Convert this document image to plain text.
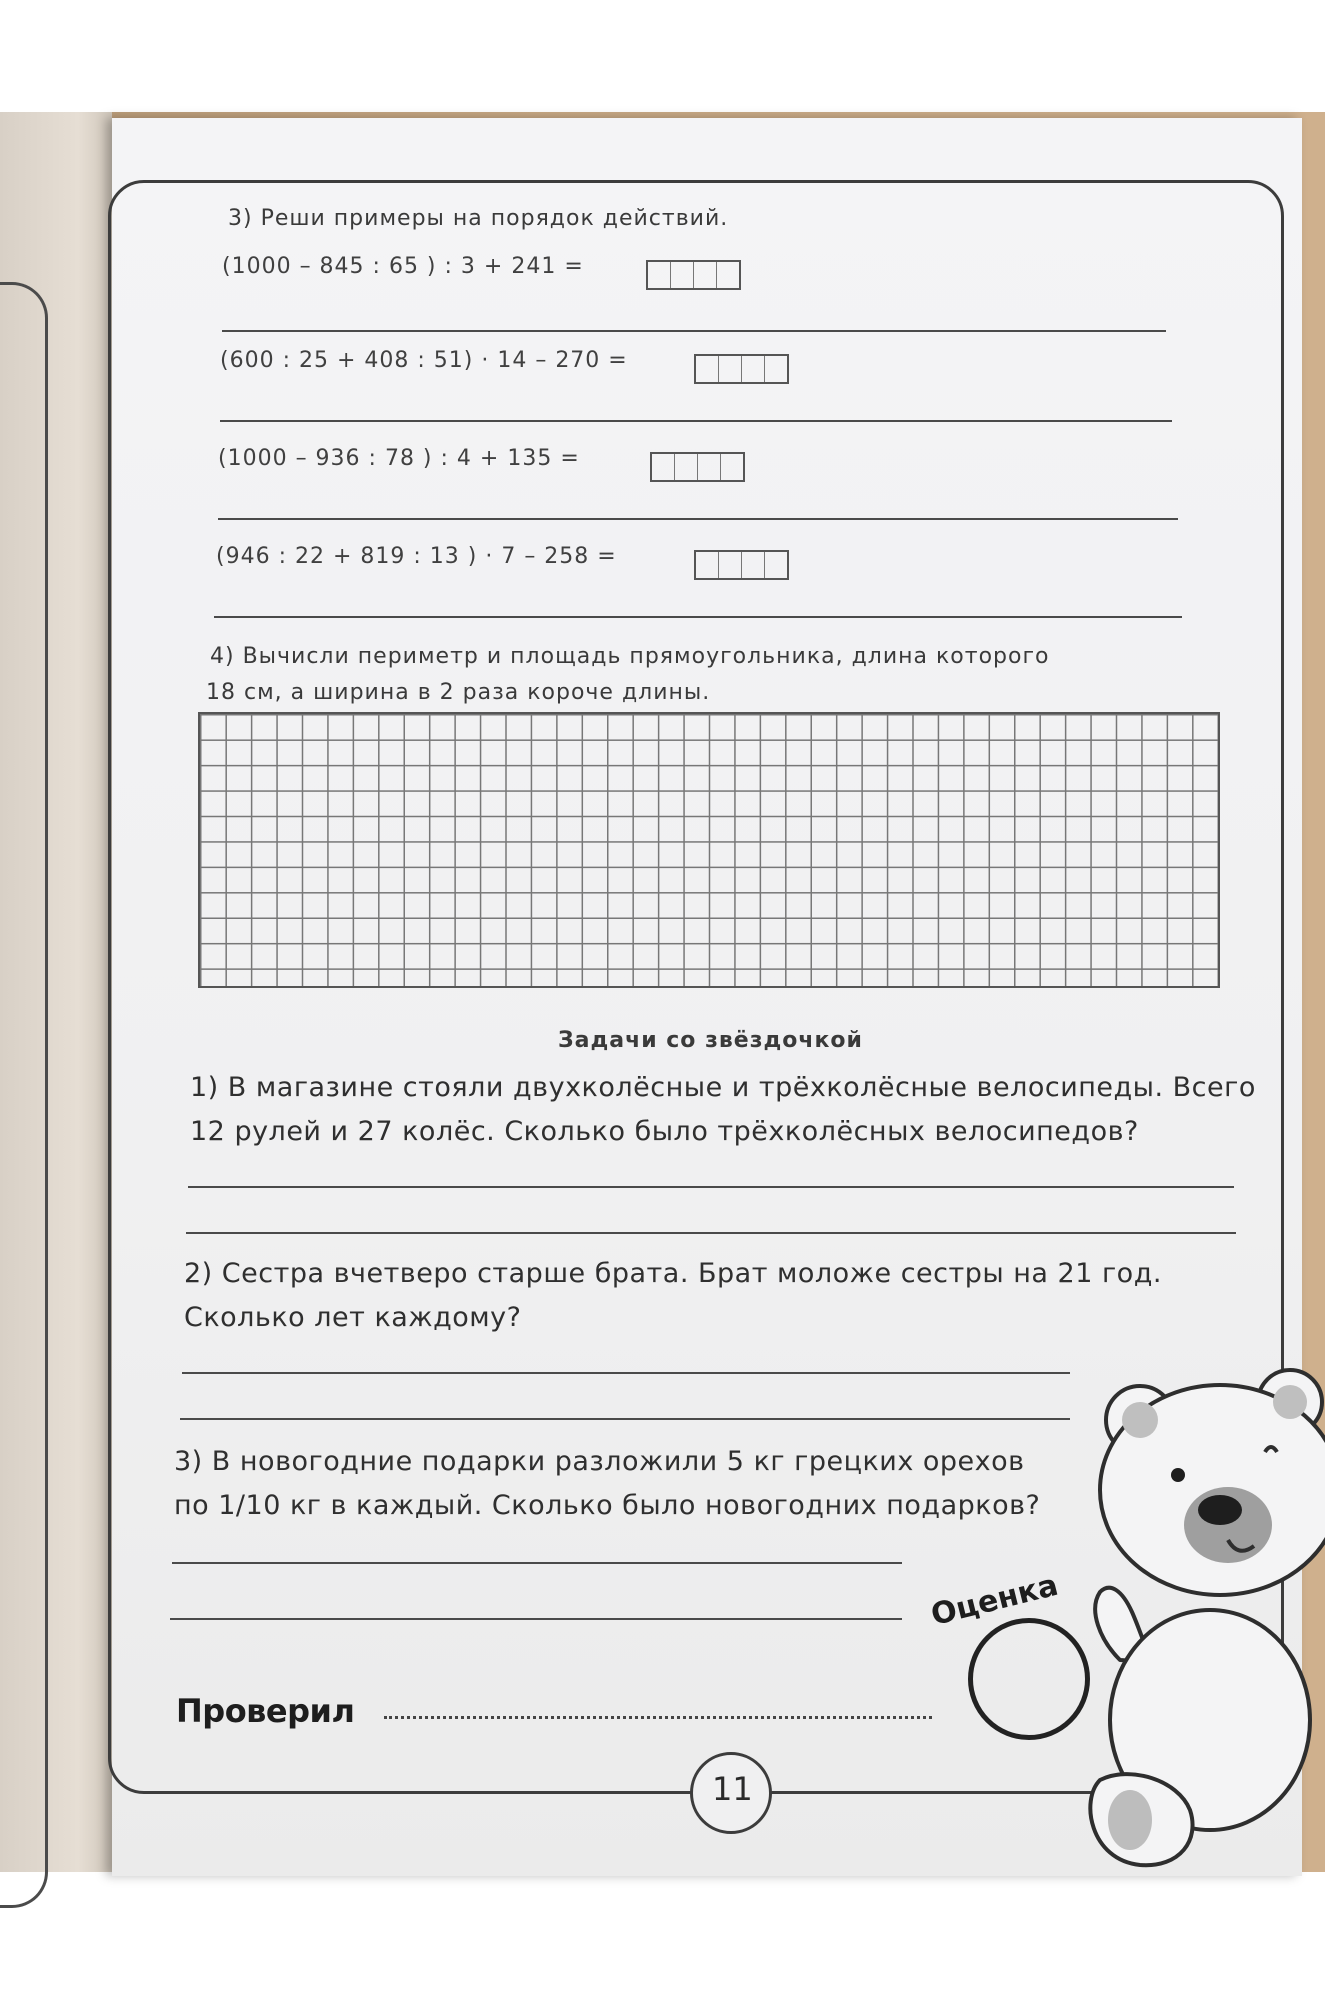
3) Реши примеры на порядок действий.
(1000 – 845 : 65 ) : 3 + 241 =
(600 : 25 + 408 : 51) · 14 – 270 =
(1000 – 936 : 78 ) : 4 + 135 =
(946 : 22 + 819 : 13 ) · 7 – 258 =
4) Вычисли периметр и площадь прямоугольника, длина которого
18 см, а ширина в 2 раза короче длины.
Задачи со звёздочкой
1) В магазине стояли двухколёсные и трёхколёсные велосипеды. Всего
12 рулей и 27 колёс. Сколько было трёхколёсных велосипедов?
2) Сестра вчетверо старше брата. Брат моложе сестры на 21 год.
Сколько лет каждому?
3) В новогодние подарки разложили 5 кг грецких орехов
по 1/10 кг в каждый. Сколько было новогодних подарков?
Проверил
Оценка
11
